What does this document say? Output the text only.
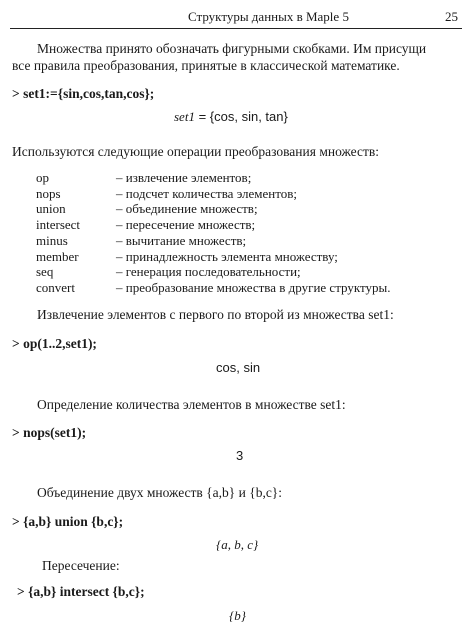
Структуры данных в Maple 5	25
Множества принято обозначать фигурными скобками. Им присущи
все правила преобразования, принятые в классической математике.
> set1:={sin,cos,tan,cos};
set1 = {cos, sin, tan}
Используются следующие операции преобразования множеств:
op	– извлечение элементов;
nops	– подсчет количества элементов;
union	– объединение множеств;
intersect	– пересечение множеств;
minus	– вычитание множеств;
member	– принадлежность элемента множеству;
seq	– генерация последовательности;
convert	– преобразование множества в другие структуры.
Извлечение элементов с первого по второй из множества set1:
> op(1..2,set1);
cos, sin
Определение количества элементов в множестве set1:
> nops(set1);
3
Объединение двух множеств {a,b} и {b,c}:
> {a,b} union {b,c};
{a, b, c}
Пересечение:
> {a,b} intersect {b,c};
{b}
